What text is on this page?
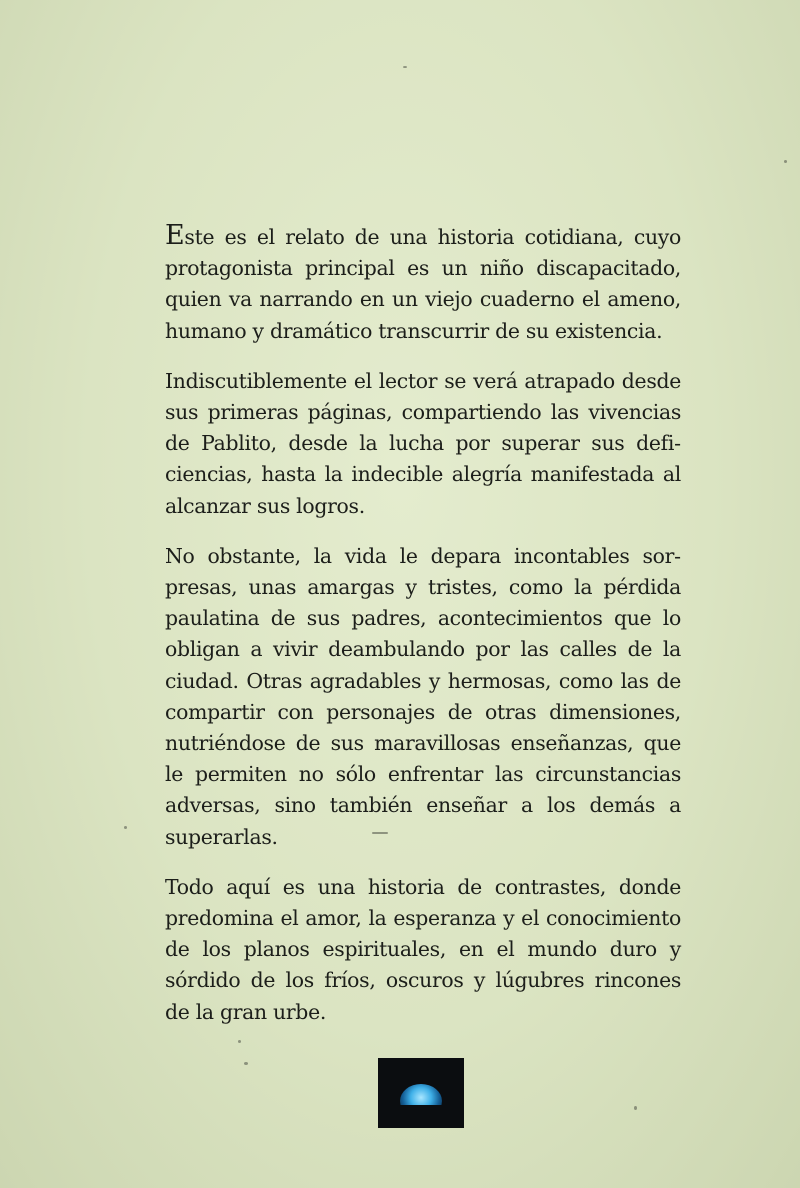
Este es el relato de una historia cotidiana, cuyo protagonista principal es un niño discapacitado, quien va narrando en un viejo cuaderno el ameno, humano y dramático transcurrir de su existencia.

Indiscutiblemente el lector se verá atrapado desde sus primeras páginas, compartiendo las vivencias de Pablito, desde la lucha por superar sus deficiencias, hasta la indecible alegría manifestada al alcanzar sus logros.

No obstante, la vida le depara incontables sorpresas, unas amargas y tristes, como la pérdida paulatina de sus padres, acontecimientos que lo obligan a vivir deambulando por las calles de la ciudad. Otras agradables y hermosas, como las de compartir con personajes de otras dimensiones, nutriéndose de sus maravillosas enseñanzas, que le permiten no sólo enfrentar las circunstancias adversas, sino también enseñar a los demás a superarlas.

Todo aquí es una historia de contrastes, donde predomina el amor, la esperanza y el conocimiento de los planos espirituales, en el mundo duro y sórdido de los fríos, oscuros y lúgubres rincones de la gran urbe.
